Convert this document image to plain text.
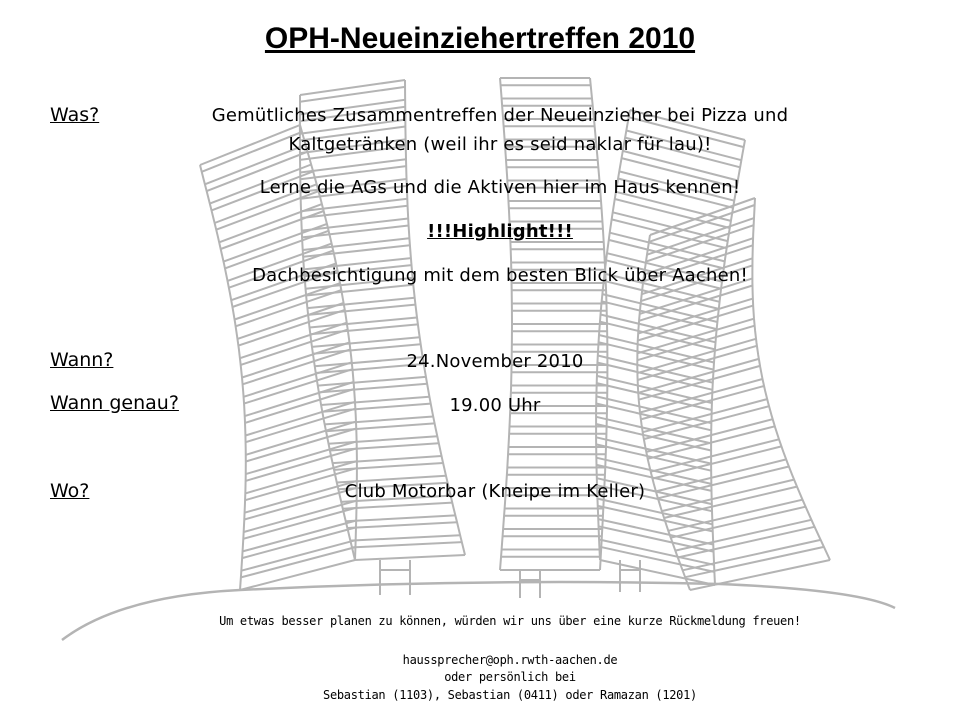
OPH-Neueinziehertreffen 2010
Was?	Gemütliches Zusammentreffen der Neueinzieher bei Pizza und
Kaltgetränken (weil ihr es seid naklar für lau)!
Lerne die AGs und die Aktiven hier im Haus kennen!
!!!Highlight!!!
Dachbesichtigung mit dem besten Blick über Aachen!
Wann?	24.November 2010
Wann genau?	19.00 Uhr
Wo?	Club Motorbar (Kneipe im Keller)
Um etwas besser planen zu können, würden wir uns über eine kurze Rückmeldung freuen!
haussprecher@oph.rwth-aachen.de
oder persönlich bei
Sebastian (1103), Sebastian (0411) oder Ramazan (1201)
